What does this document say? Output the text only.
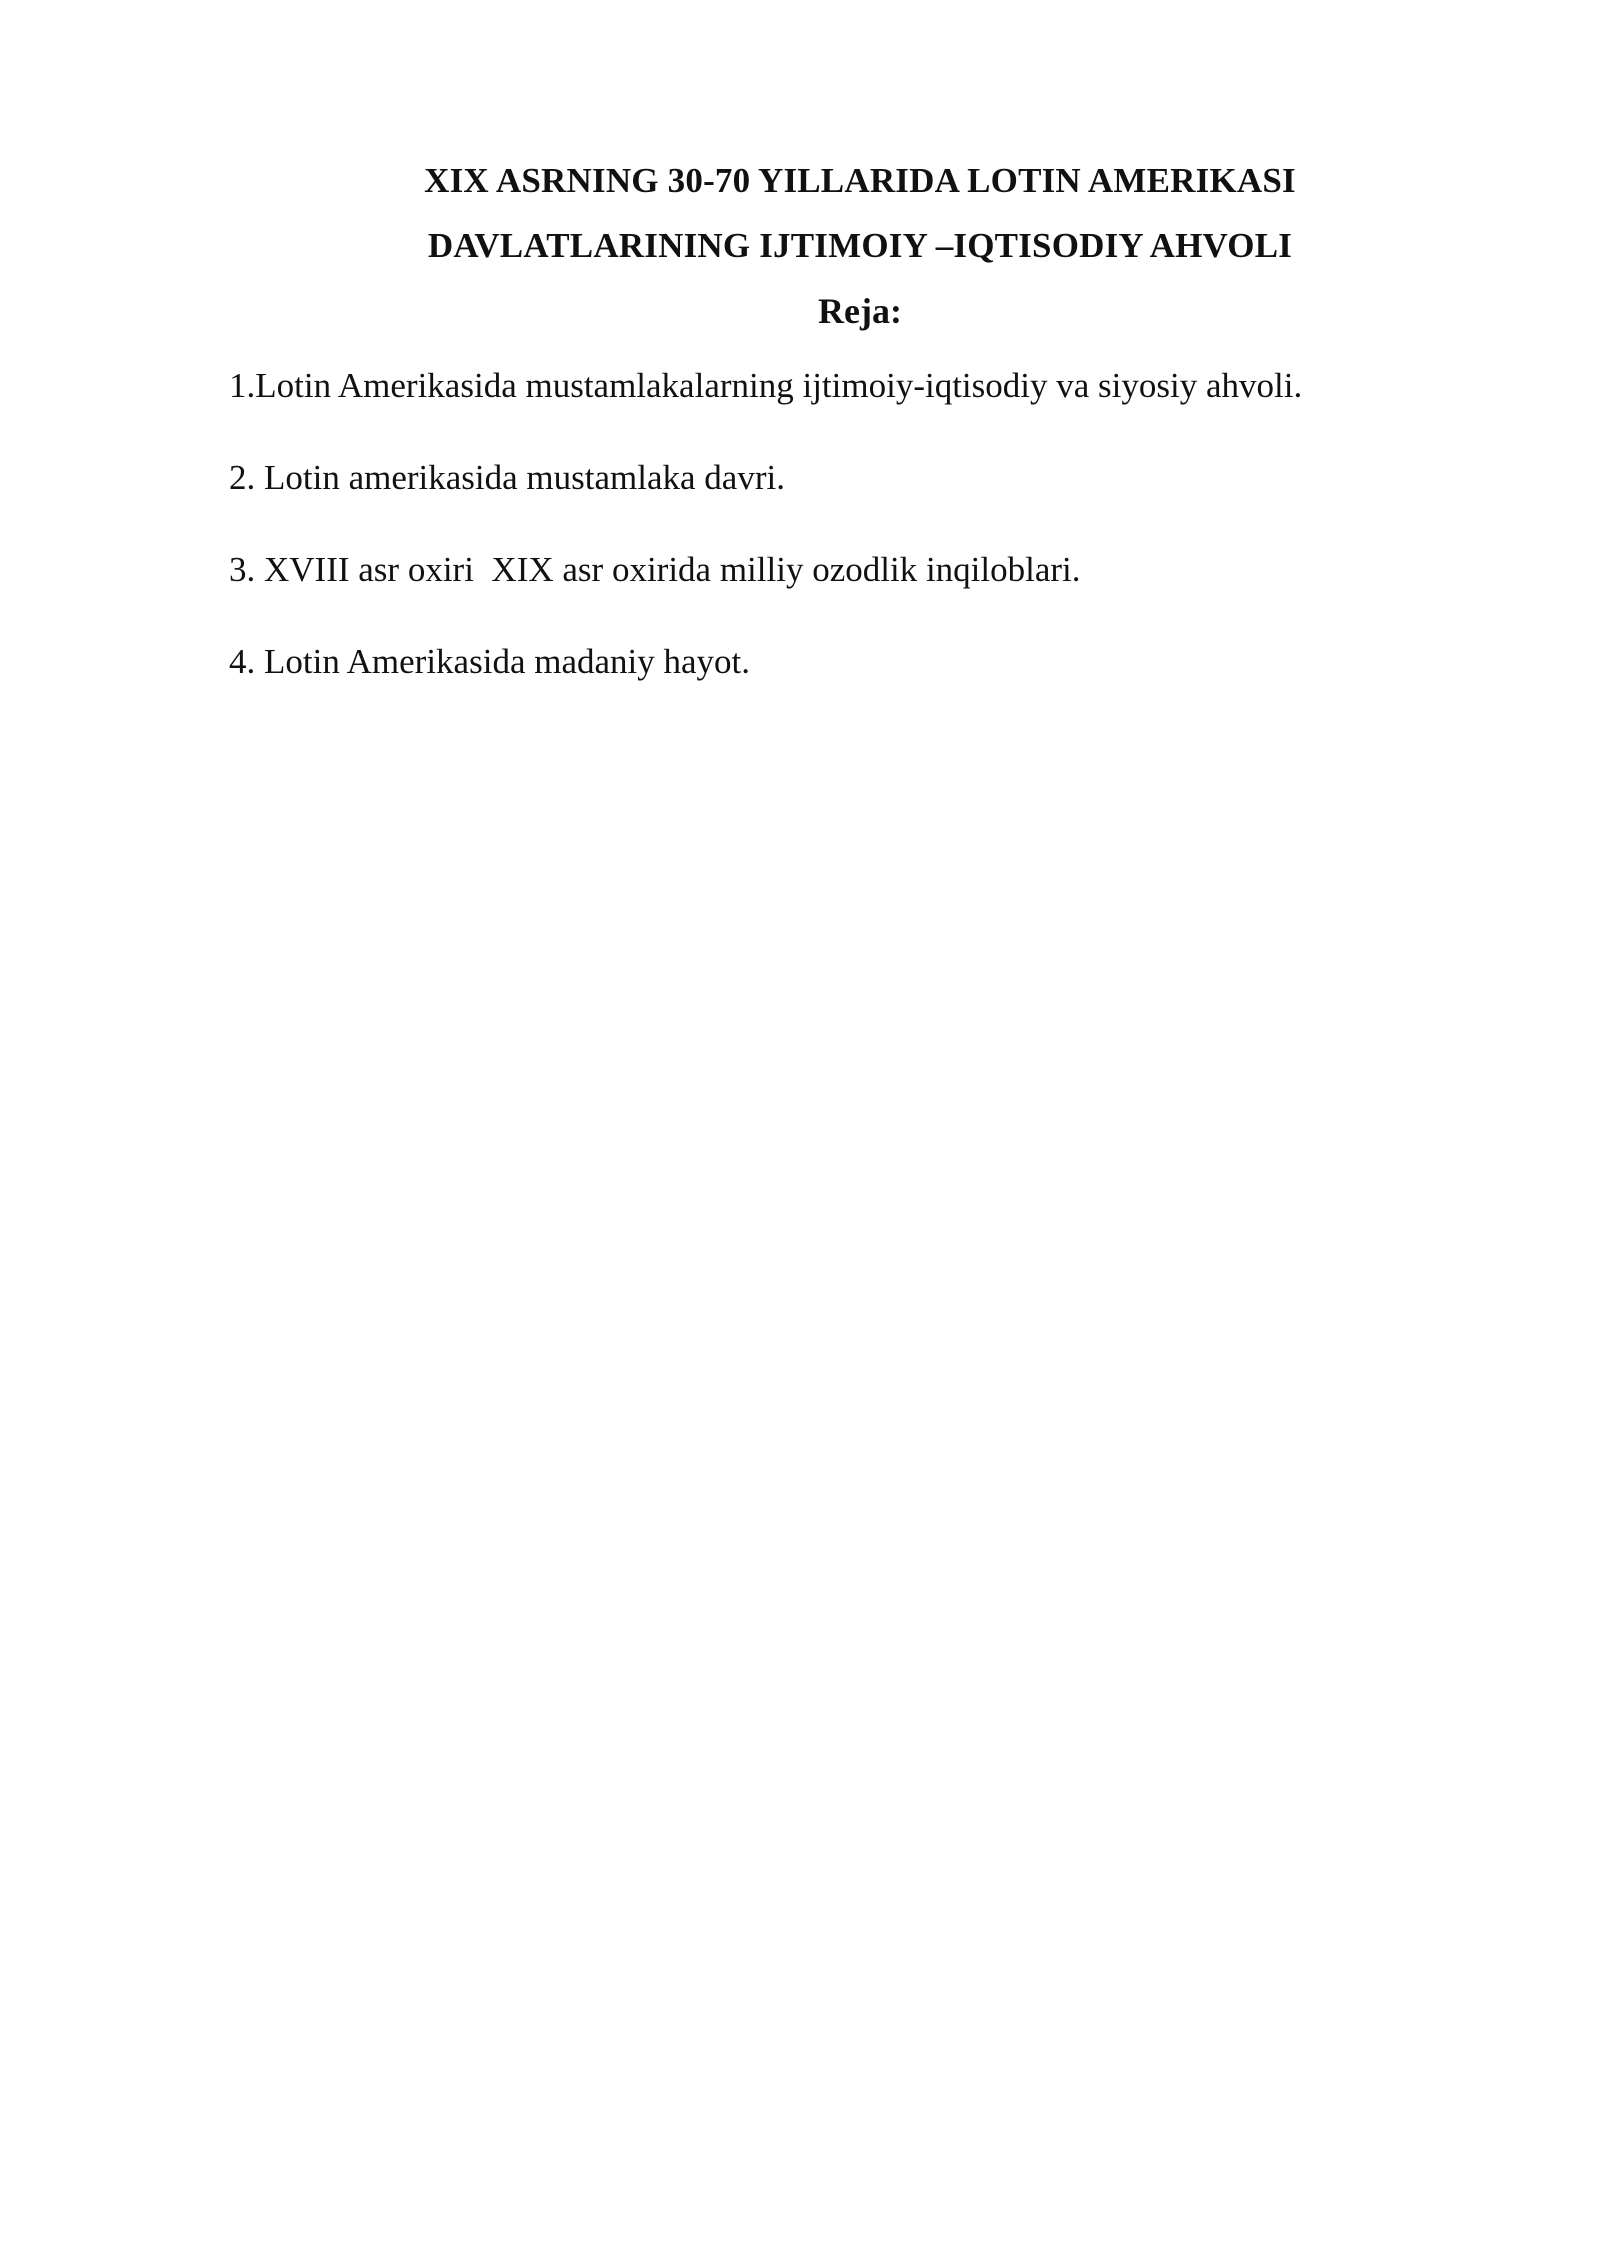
XIX ASRNING 30-70 YILLARIDA LOTIN AMERIKASI
DAVLATLARINING IJTIMOIY –IQTISODIY AHVOLI
Reja:
1.Lotin Amerikasida mustamlakalarning ijtimoiy-iqtisodiy va siyosiy ahvoli.
2. Lotin amerikasida mustamlaka davri.
3. XVIII asr oxiri  XIX asr oxirida milliy ozodlik inqiloblari.
4. Lotin Amerikasida madaniy hayot.
